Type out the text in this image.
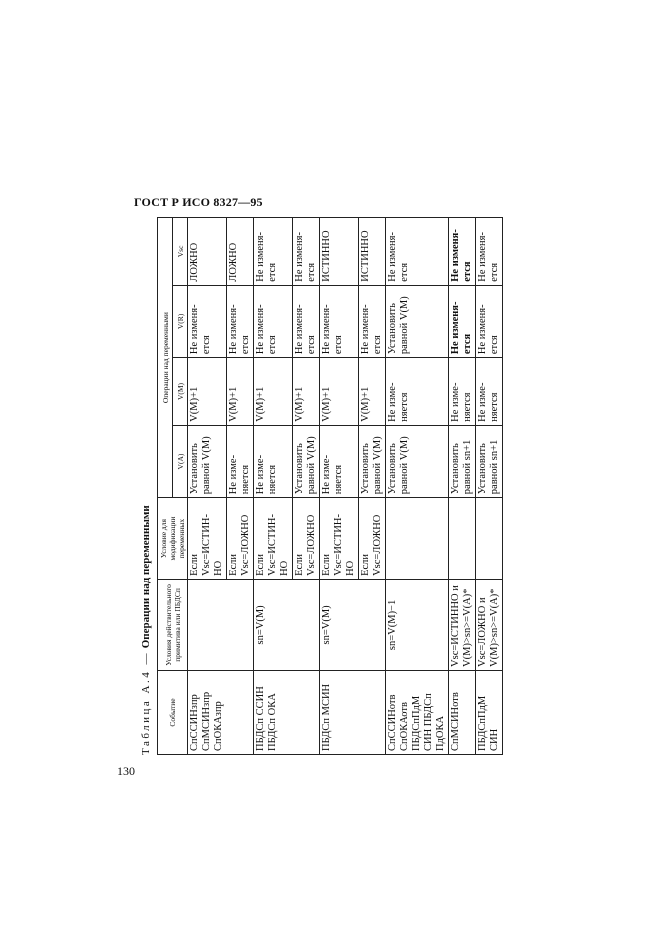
ГОСТ Р ИСО 8327—95
Таблица А.4 — Операции над переменными
Событие	Условия действительного примитива или ПБДСп	Условие для модификации переменных	Операции над переменными			
			V(A)	V(M)	V(R)	Vsc
СпССИНзпр СпМСИНзпр СпОКАзпр		Если Vsc=ИСТИН-НО	Установить равной V(M)	V(M)+1	Не изменя-ется	ЛОЖНО
		Если Vsc=ЛОЖНО	Не изме-няется	V(M)+1	Не изменя-ется	ЛОЖНО
ПБДСп ССИН ПБДСп ОКА	sn=V(M)	Если Vsc=ИСТИН-НО	Не изме-няется	V(M)+1	Не изменя-ется	Не изменя-ется
		Если Vsc=ЛОЖНО	Установить равной V(M)	V(M)+1	Не изменя-ется	Не изменя-ется
ПБДСп МСИН	sn=V(M)	Если Vsc=ИСТИН-НО	Не изме-няется	V(M)+1	Не изменя-ется	ИСТИННО
		Если Vsc=ЛОЖНО	Установить равной V(M)	V(M)+1	Не изменя-ется	ИСТИННО
СпССИНотв СпОКАотв ПБДСпПдМ СИН ПБДСп ПдОКА	sn=V(M)−1		Установить равной V(M)	Не изме-няется	Установить равной V(M)	Не изменя-ется
СпМСИНотв	Vsc=ИСТИННО и V(M)>sn>=V(A)*		Установить равной sn+1	Не изме-няется	Не изменя-ется	Не изменя-ется
ПБДСпПдМ СИН	Vsc=ЛОЖНО и V(M)>sn>=V(A)*		Установить равной sn+1	Не изме-няется	Не изменя-ется	Не изменя-ется
130
